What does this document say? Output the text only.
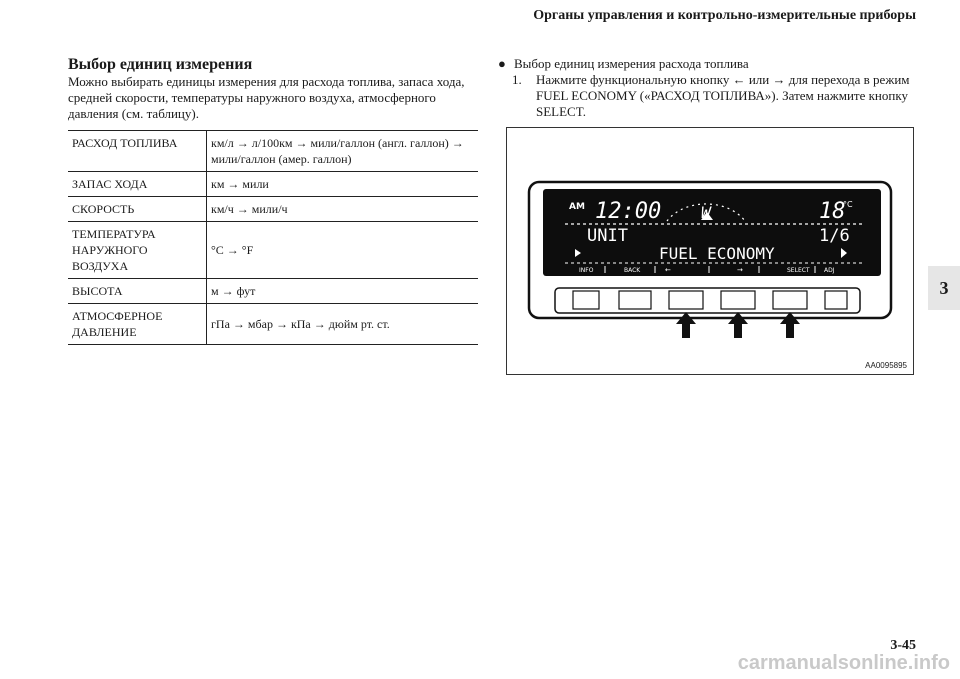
Органы управления и контрольно-измерительные приборы
Выбор единиц измерения
Можно выбирать единицы измерения для расхода топлива, запаса хода, средней скорости, температуры наружного воздуха, атмосферного давления (см. таблицу).
РАСХОД ТОПЛИВА	км/л → л/100км → мили/галлон (англ. галлон) → мили/галлон (амер. галлон)
ЗАПАС ХОДА	км → мили
СКОРОСТЬ	км/ч → мили/ч
ТЕМПЕРАТУРА НАРУЖНОГО ВОЗДУХА	°C → °F
ВЫСОТА	м → фут
АТМОСФЕРНОЕ ДАВЛЕНИЕ	гПа → мбар → кПа → дюйм рт. ст.
● Выбор единиц измерения расхода топлива
1.	Нажмите функциональную кнопку ← или → для перехода в режим FUEL ECONOMY («РАСХОД ТОПЛИВА»). Затем нажмите кнопку SELECT.
AM 12:00 W	18
°C
UNIT	1/6
FUEL ECONOMY
INFO	BACK	←	→	SELECT ADJ
AA0095895
3
3-45
carmanualsonline.info
